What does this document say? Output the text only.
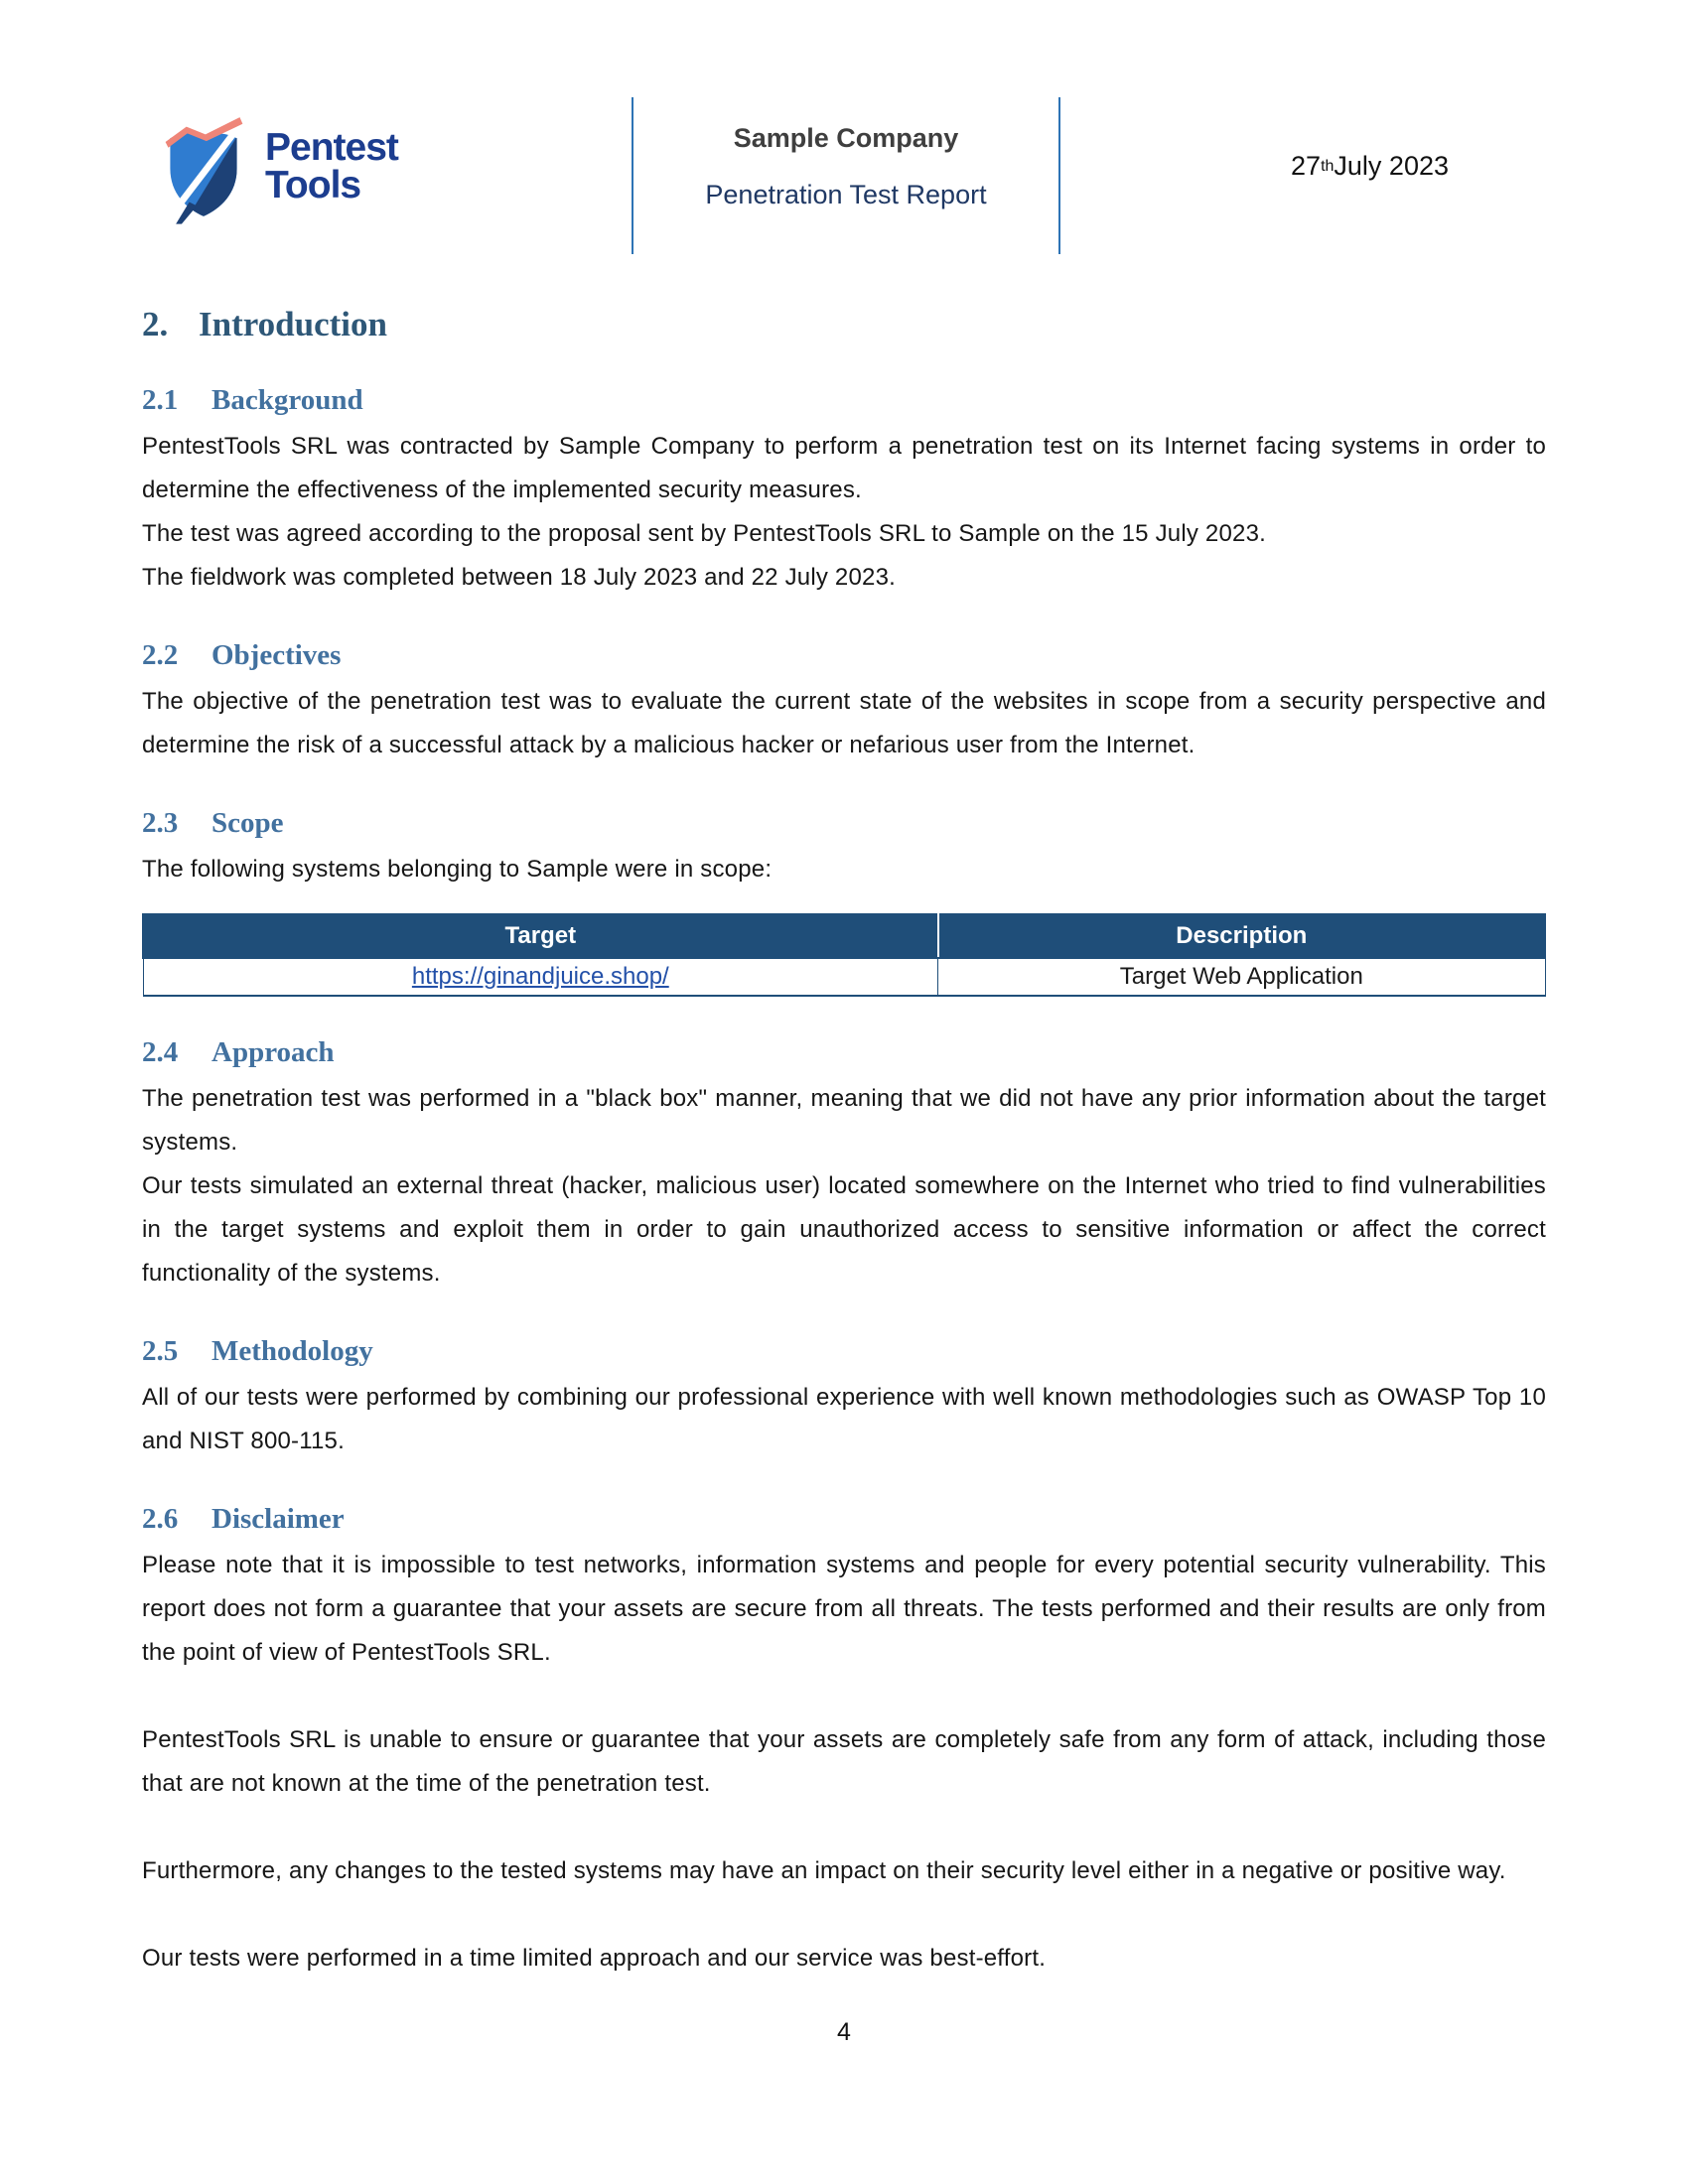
Pentest
Tools
Sample Company
Penetration Test Report
27 th July 2023
2. Introduction
2.1 Background

PentestTools SRL was contracted by Sample Company to perform a penetration test on its Internet facing systems in order to determine the effectiveness of the implemented security measures.

The test was agreed according to the proposal sent by PentestTools SRL to Sample on the 15 July 2023.

The fieldwork was completed between 18 July 2023 and 22 July 2023.

2.2 Objectives

The objective of the penetration test was to evaluate the current state of the websites in scope from a security perspective and determine the risk of a successful attack by a malicious hacker or nefarious user from the Internet.

2.3 Scope

The following systems belonging to Sample were in scope:

Target	Description
https://ginandjuice.shop/	Target Web Application
2.4 Approach

The penetration test was performed in a "black box" manner, meaning that we did not have any prior information about the target systems.

Our tests simulated an external threat (hacker, malicious user) located somewhere on the Internet who tried to find vulnerabilities in the target systems and exploit them in order to gain unauthorized access to sensitive information or affect the correct functionality of the systems.

2.5 Methodology

All of our tests were performed by combining our professional experience with well known methodologies such as OWASP Top 10 and NIST 800-115.

2.6 Disclaimer

Please note that it is impossible to test networks, information systems and people for every potential security vulnerability. This report does not form a guarantee that your assets are secure from all threats. The tests performed and their results are only from the point of view of PentestTools SRL.

PentestTools SRL is unable to ensure or guarantee that your assets are completely safe from any form of attack, including those that are not known at the time of the penetration test.

Furthermore, any changes to the tested systems may have an impact on their security level either in a negative or positive way.

Our tests were performed in a time limited approach and our service was best-effort.

4
